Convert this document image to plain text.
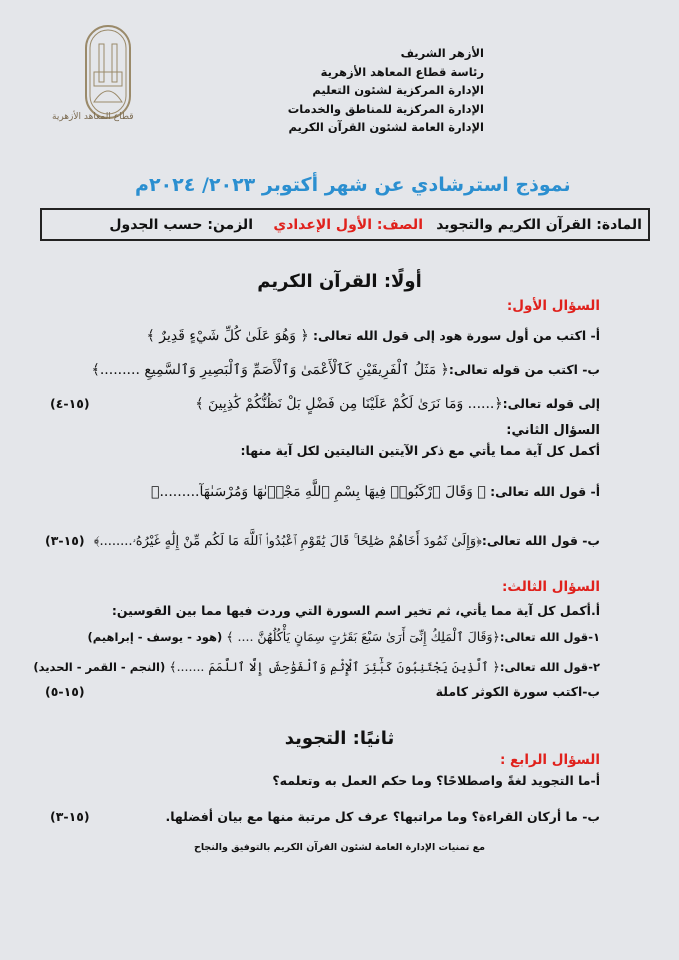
قطاع المعاهد الأزهرية
الأزهر الشريف
رئاسة قطاع المعاهد الأزهرية
الإدارة المركزية لشئون التعليم
الإدارة المركزية للمناطق والخدمات
الإدارة العامة لشئون القرآن الكريم
نموذج استرشادي عن شهر أكتوبر ٢٠٢٣/ ٢٠٢٤م
المادة: القرآن الكريم والتجويد
الصف: الأول الإعدادي
الزمن: حسب الجدول
أولًا: القرآن الكريم
السؤال الأول:
أ- اكتب من أول سورة هود إلى قول الله تعالى: ﴿ وَهُوَ عَلَىٰ كُلِّ شَيْءٍ قَدِيرٌ ﴾
ب- اكتب من قوله تعالى:﴿ مَثَلُ ٱلْفَرِيقَيْنِ كَٱلْأَعْمَىٰ وَٱلْأَصَمِّ وَٱلْبَصِيرِ وَٱلسَّمِيعِ .........﴾
إلى قوله تعالى:﴿...... وَمَا نَرَىٰ لَكُمْ عَلَيْنَا مِن فَضْلٍ بَلْ نَظُنُّكُمْ كَٰذِبِينَ ﴾
(١٥-٤)
السؤال الثاني:
أكمل كل آية مما يأتي مع ذكر الآيتين التاليتين لكل آية منها:
أ- قول الله تعالى: ﴿ وَقَالَ ٱرْكَبُوا۟ فِيهَا بِسْمِ ٱللَّهِ مَجْر۪ىٰهَا وَمُرْسَىٰهَآ.........﴾
ب- قول الله تعالى:﴿وَإِلَىٰ ثَمُودَ أَخَاهُمْ صَٰلِحًا ۚ قَالَ يَٰقَوْمِ ٱعْبُدُوا۟ ٱللَّهَ مَا لَكُم مِّنْ إِلَٰهٍ غَيْرُهُۥ........﴾
(١٥-٣)
السؤال الثالث:
أ.أكمل كل آية مما يأتي، ثم تخير اسم السورة التي وردت فيها مما بين القوسين:
١-قول الله تعالى:﴿وَقَالَ ٱلْمَلِكُ إِنِّىٓ أَرَىٰ سَبْعَ بَقَرَٰتٍ سِمَانٍ يَأْكُلُهُنَّ .... ﴾ (هود - يوسف - إبراهيم)
٢-قول الله تعالى:﴿ ٱلَّذِينَ يَجْتَنِبُونَ كَبَٰٓئِرَ ٱلْإِثْمِ وَٱلْفَوَٰحِشَ إِلَّا ٱللَّمَمَ .......﴾ (النجم - القمر - الحديد)
ب-اكتب سورة الكوثر كاملة
(١٥-٥)
ثانيًا: التجويد
السؤال الرابع :
أ-ما التجويد لغةً واصطلاحًا؟ وما حكم العمل به وتعلمه؟
ب- ما أركان القراءة؟ وما مراتبها؟ عرف كل مرتبة منها مع بيان أفضلها.
(١٥-٣)
مع تمنيات الإدارة العامة لشئون القرآن الكريم بالتوفيق والنجاح
